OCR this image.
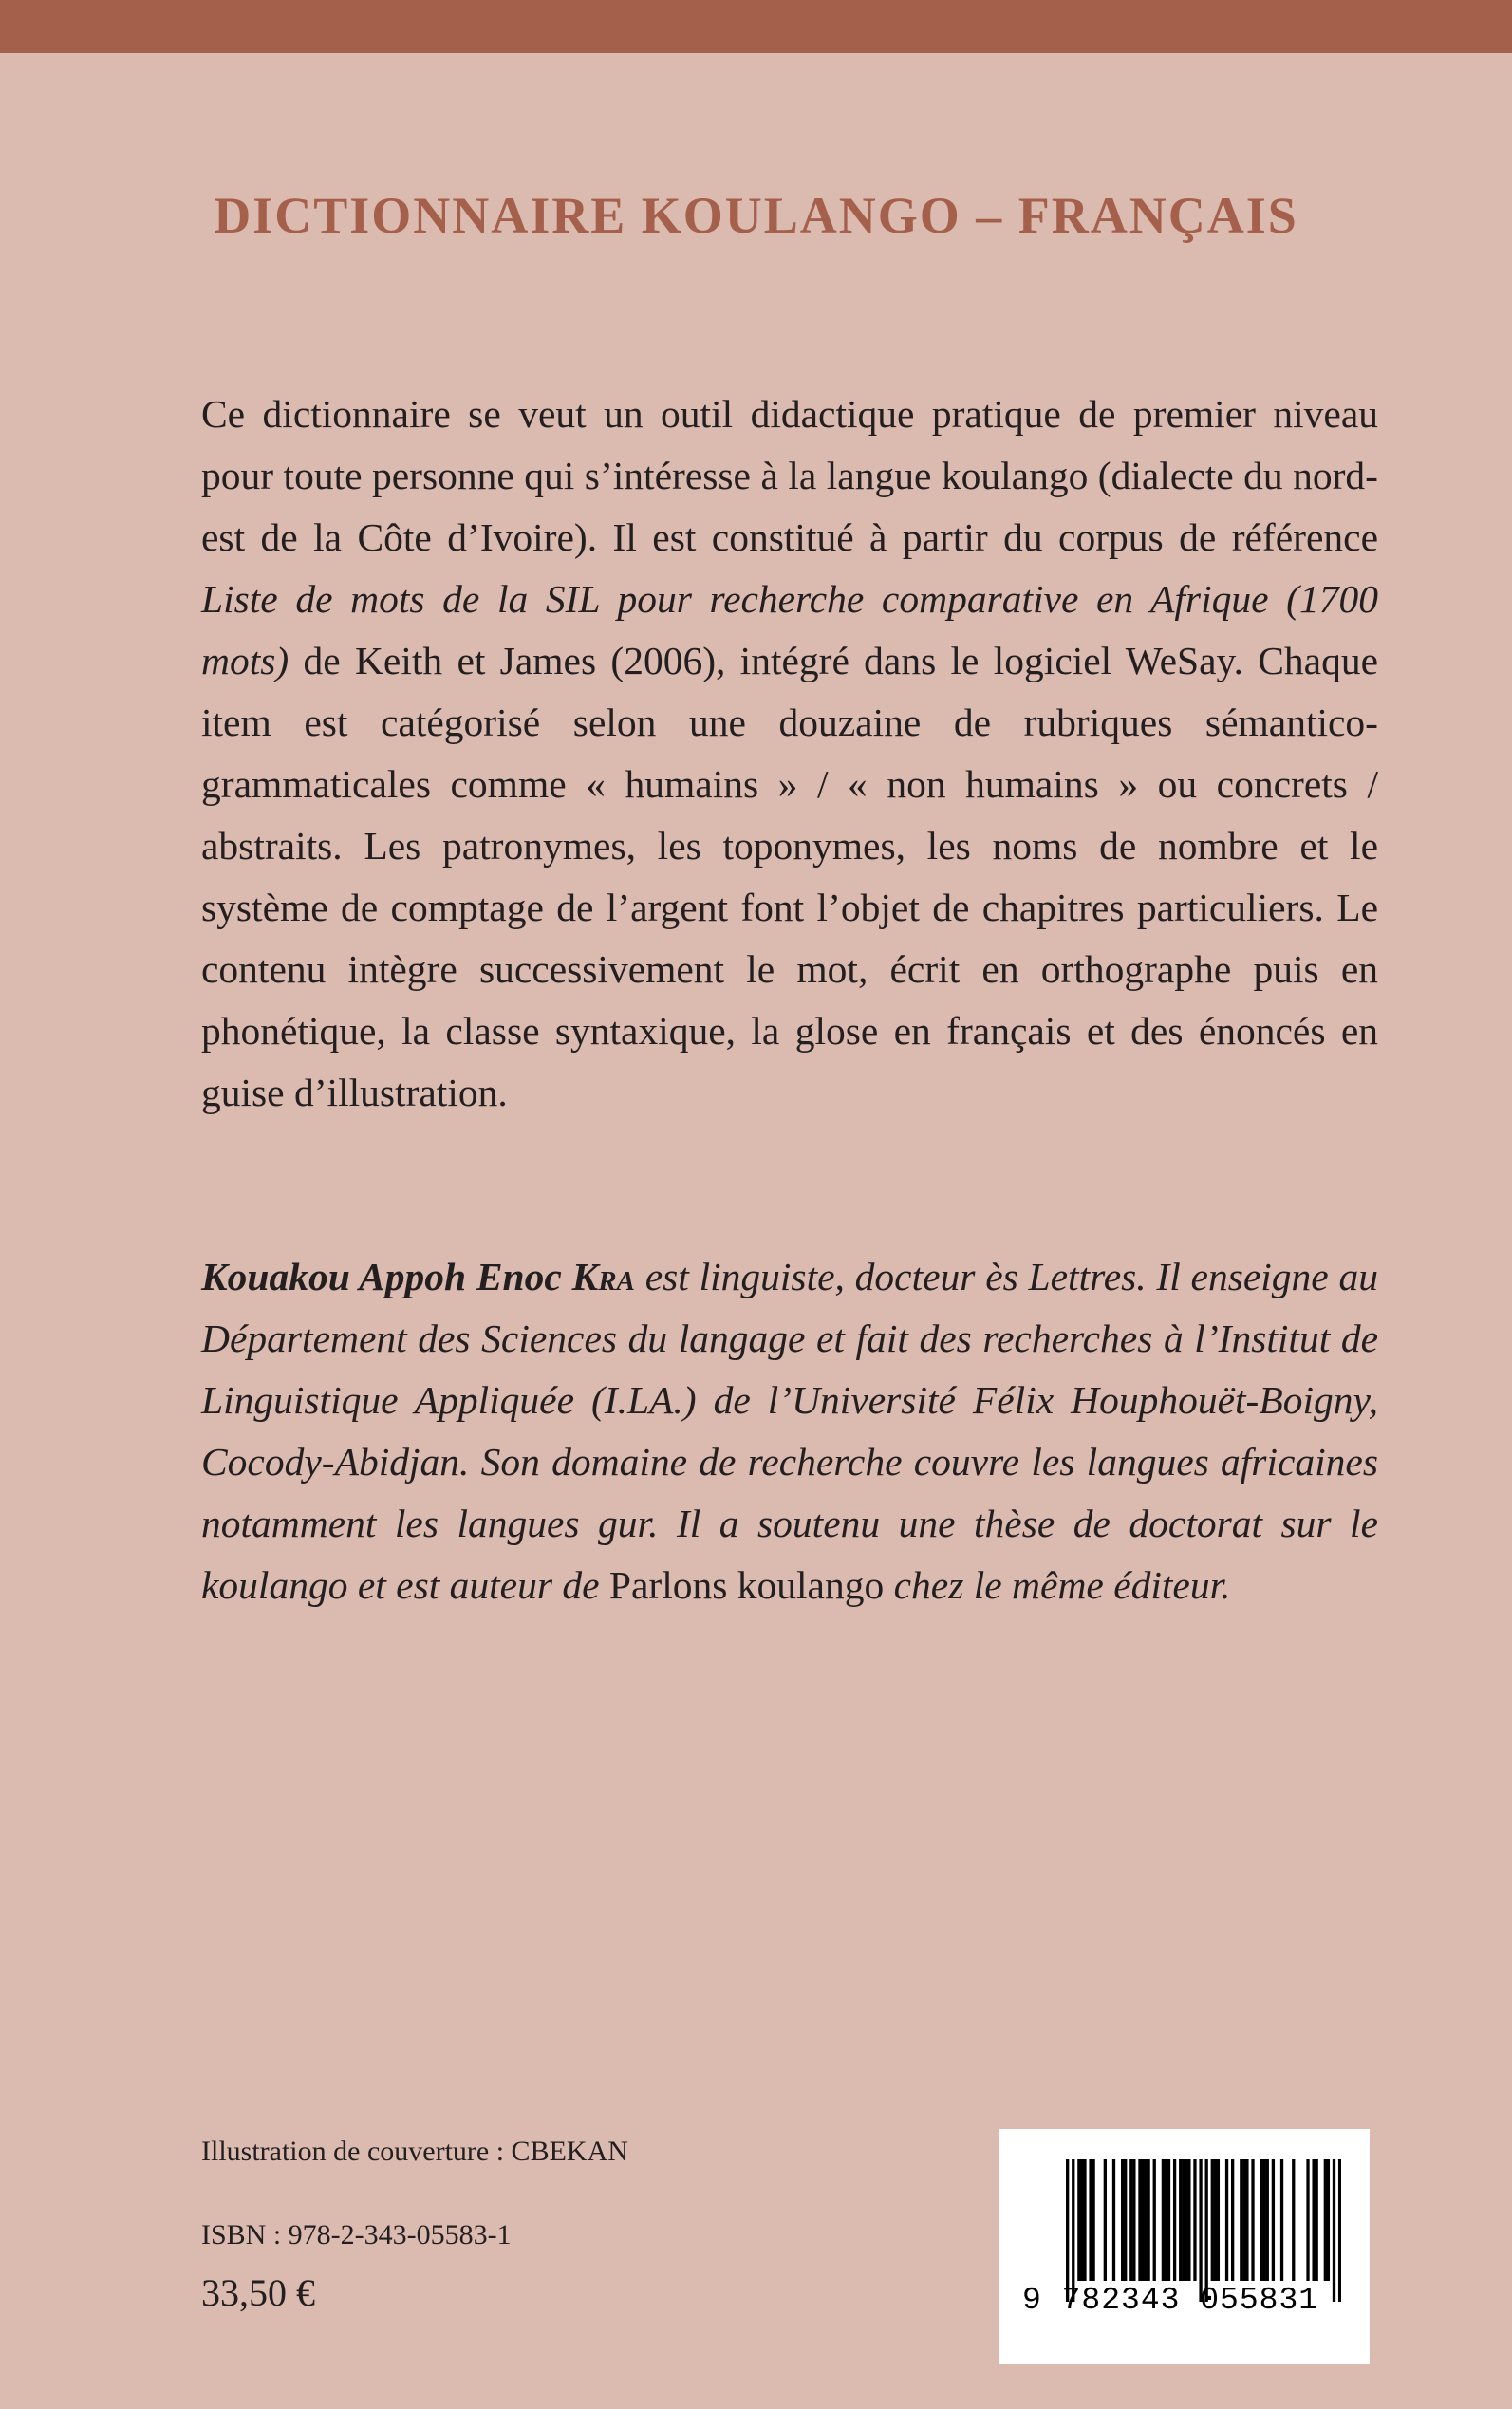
DICTIONNAIRE KOULANGO – FRANÇAIS

Ce dictionnaire se veut un outil didactique pratique de premier niveau pour toute personne qui s’intéresse à la langue koulango (dialecte du nord-est de la Côte d’Ivoire). Il est constitué à partir du corpus de référence Liste de mots de la SIL pour recherche comparative en Afrique (1700 mots) de Keith et James (2006), intégré dans le logiciel WeSay. Chaque item est catégorisé selon une douzaine de rubriques sémantico-grammaticales comme « humains » / « non humains » ou concrets / abstraits. Les patronymes, les toponymes, les noms de nombre et le système de comptage de l’argent font l’objet de chapitres particuliers. Le contenu intègre successivement le mot, écrit en orthographe puis en phonétique, la classe syntaxique, la glose en français et des énoncés en guise d’illustration.

Kouakou Appoh Enoc Kra est linguiste, docteur ès Lettres. Il enseigne au Département des Sciences du langage et fait des recherches à l’Institut de Linguistique Appliquée (I.LA.) de l’Université Félix Houphouët-Boigny, Cocody-Abidjan. Son domaine de recherche couvre les langues africaines notamment les langues gur. Il a soutenu une thèse de doctorat sur le koulango et est auteur de Parlons koulango chez le même éditeur.

Illustration de couverture : CBEKAN
ISBN : 978-2-343-05583-1
33,50 €	9 782343 055831
